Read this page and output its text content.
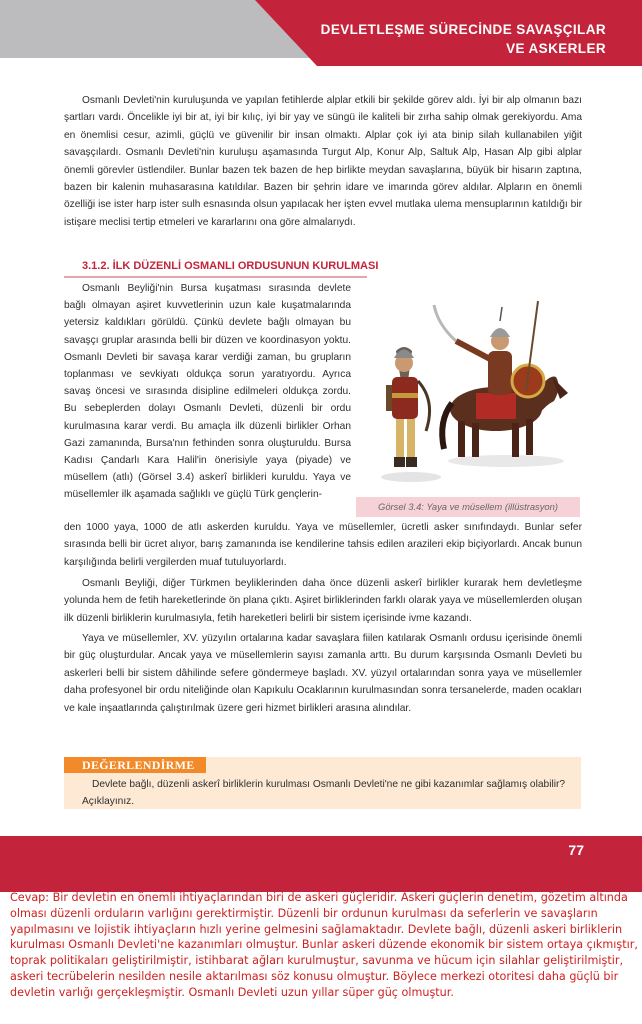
DEVLETLEŞME SÜRECİNDE SAVAŞÇILAR
VE ASKERLER

Osmanlı Devleti'nin kuruluşunda ve yapılan fetihlerde alplar etkili bir şekilde görev aldı. İyi bir alp olmanın bazı şartları vardı. Öncelikle iyi bir at, iyi bir kılıç, iyi bir yay ve süngü ile kaliteli bir zırha sahip olmak gerekiyordu. Ama en önemlisi cesur, azimli, güçlü ve güvenilir bir insan olmaktı. Alplar çok iyi ata binip silah kullanabilen yiğit savaşçılardı. Osmanlı Devleti'nin kuruluşu aşamasında Turgut Alp, Konur Alp, Saltuk Alp, Hasan Alp gibi alplar önemli görevler üstlendiler. Bunlar bazen tek bazen de hep birlikte meydan savaşlarına, büyük bir hisarın zaptına, bazen bir kalenin muhasarasına katıldılar. Bazen bir şehrin idare ve imarında görev aldılar. Alpların en önemli özelliği ise ister harp ister sulh esnasında olsun yapılacak her işten evvel mutlaka ulema mensuplarının katıldığı bir istişare meclisi tertip etmeleri ve kararlarını ona göre almalarıydı.

3.1.2. İLK DÜZENLİ OSMANLI ORDUSUNUN KURULMASI

Osmanlı Beyliği'nin Bursa kuşatması sırasında devlete bağlı olmayan aşiret kuvvetlerinin uzun kale kuşatmalarında yetersiz kaldıkları görüldü. Çünkü devlete bağlı olmayan bu savaşçı gruplar arasında belli bir düzen ve koordinasyon yoktu. Osmanlı Devleti bir savaşa karar verdiği zaman, bu grupların toplanması ve sevkiyatı oldukça sorun yaratıyordu. Ayrıca savaş öncesi ve sırasında disipline edilmeleri oldukça zordu. Bu sebeplerden dolayı Osmanlı Devleti, düzenli bir ordu kurulmasına karar verdi. Bu amaçla ilk düzenli birlikler Orhan Gazi zamanında, Bursa'nın fethinden sonra oluşturuldu. Bursa Kadısı Çandarlı Kara Halil'in önerisiyle yaya (piyade) ve müsellem (atlı) (Görsel 3.4) askerî birlikleri kuruldu. Yaya ve müsellemler ilk aşamada sağlıklı ve güçlü Türk gençlerin-

Görsel 3.4: Yaya ve müsellem (illüstrasyon)

den 1000 yaya, 1000 de atlı askerden kuruldu. Yaya ve müsellemler, ücretli asker sınıfındaydı. Bunlar sefer sırasında belli bir ücret alıyor, barış zamanında ise kendilerine tahsis edilen arazileri ekip biçiyorlardı. Ancak bunun karşılığında belirli vergilerden muaf tutuluyorlardı.

Osmanlı Beyliği, diğer Türkmen beyliklerinden daha önce düzenli askerî birlikler kurarak hem devletleşme yolunda hem de fetih hareketlerinde ön plana çıktı. Aşiret birliklerinden farklı olarak yaya ve müsellemlerden oluşan ilk düzenli birliklerin kurulmasıyla, fetih hareketleri belirli bir sistem içerisinde ivme kazandı.

Yaya ve müsellemler, XV. yüzyılın ortalarına kadar savaşlara fiilen katılarak Osmanlı ordusu içerisinde önemli bir güç oluşturdular. Ancak yaya ve müsellemlerin sayısı zamanla arttı. Bu durum karşısında Osmanlı Devleti bu askerleri belli bir sistem dâhilinde sefere göndermeye başladı. XV. yüzyıl ortalarından sonra yaya ve müsellemler daha profesyonel bir ordu niteliğinde olan Kapıkulu Ocaklarının kurulmasından sonra tersanelerde, maden ocakları ve kale inşaatlarında çalıştırılmak üzere geri hizmet birlikleri arasına alındılar.

DEĞERLENDİRME

Devlete bağlı, düzenli askerî birliklerin kurulması Osmanlı Devleti'ne ne gibi kazanımlar sağlamış olabilir? Açıklayınız.

77

Cevap: Bir devletin en önemli ihtiyaçlarından biri de askeri güçleridir. Askeri güçlerin denetim, gözetim altında olması düzenli orduların varlığını gerektirmiştir. Düzenli bir ordunun kurulması da seferlerin ve savaşların yapılmasını ve lojistik ihtiyaçların hızlı yerine gelmesini sağlamaktadır. Devlete bağlı, düzenli askeri birliklerin kurulması Osmanlı Devleti'ne kazanımları olmuştur. Bunlar askeri düzende ekonomik bir sistem ortaya çıkmıştır, toprak politikaları geliştirilmiştir, istihbarat ağları kurulmuştur, savunma ve hücum için silahlar geliştirilmiştir, askeri tecrübelerin nesilden nesile aktarılması söz konusu olmuştur. Böylece merkezi otoritesi daha güçlü bir devletin varlığı gerçekleşmiştir. Osmanlı Devleti uzun yıllar süper güç olmuştur.
